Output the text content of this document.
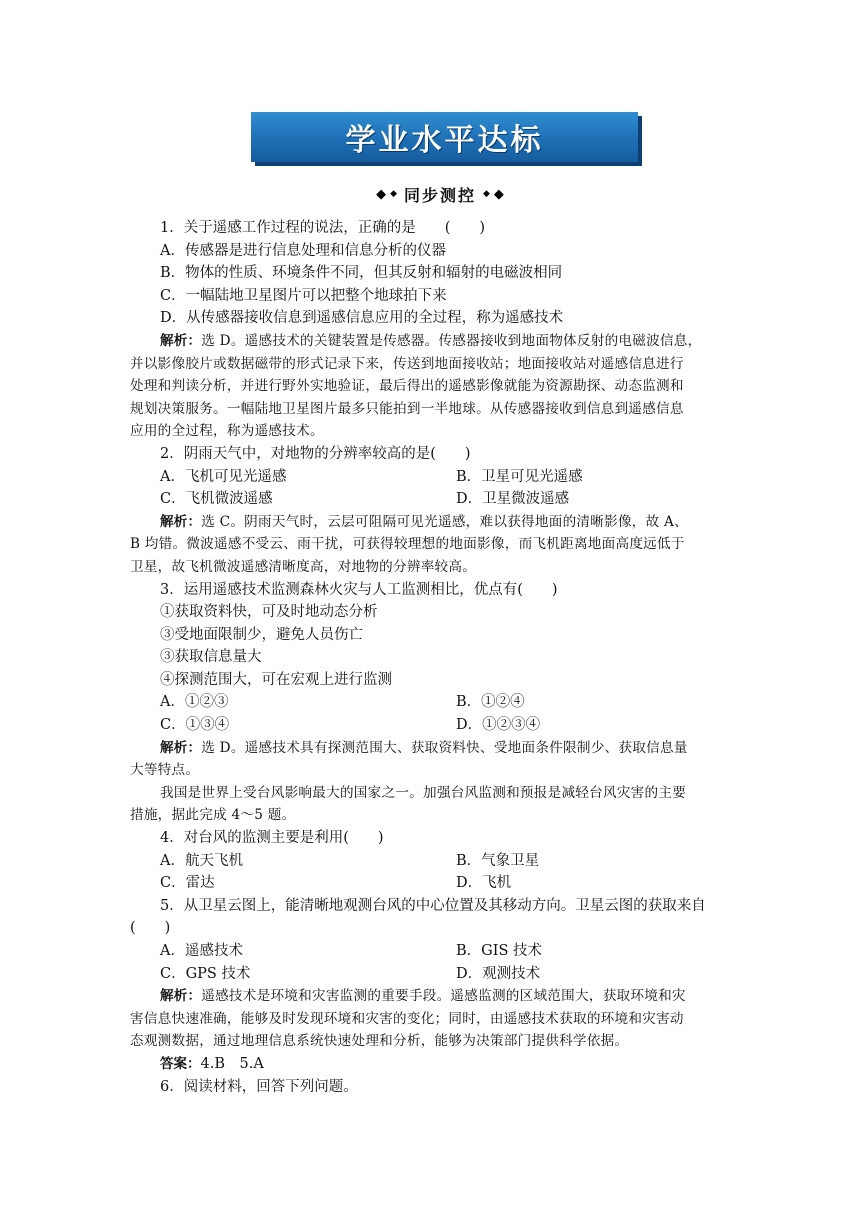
学业水平达标
◆ ◆ 同步测控 ◆ ◆
1．关于遥感工作过程的说法，正确的是　　(　　)
A．传感器是进行信息处理和信息分析的仪器
B．物体的性质、环境条件不同，但其反射和辐射的电磁波相同
C．一幅陆地卫星图片可以把整个地球拍下来
D．从传感器接收信息到遥感信息应用的全过程，称为遥感技术
解析：选 D。遥感技术的关键装置是传感器。传感器接收到地面物体反射的电磁波信息，
并以影像胶片或数据磁带的形式记录下来，传送到地面接收站；地面接收站对遥感信息进行
处理和判读分析，并进行野外实地验证，最后得出的遥感影像就能为资源勘探、动态监测和
规划决策服务。一幅陆地卫星图片最多只能拍到一半地球。从传感器接收到信息到遥感信息
应用的全过程，称为遥感技术。
2．阴雨天气中，对地物的分辨率较高的是(　　)
A．飞机可见光遥感	B．卫星可见光遥感
C．飞机微波遥感	D．卫星微波遥感
解析：选 C。阴雨天气时，云层可阻隔可见光遥感，难以获得地面的清晰影像，故 A、
B 均错。微波遥感不受云、雨干扰，可获得较理想的地面影像，而飞机距离地面高度远低于
卫星，故飞机微波遥感清晰度高，对地物的分辨率较高。
3．运用遥感技术监测森林火灾与人工监测相比，优点有(　　)
①获取资料快，可及时地动态分析
③受地面限制少，避免人员伤亡
③获取信息量大
④探测范围大，可在宏观上进行监测
A．①②③	B．①②④
C．①③④	D．①②③④
解析：选 D。遥感技术具有探测范围大、获取资料快、受地面条件限制少、获取信息量
大等特点。
我国是世界上受台风影响最大的国家之一。加强台风监测和预报是减轻台风灾害的主要
措施，据此完成 4～5 题。
4．对台风的监测主要是利用(　　)
A．航天飞机	B．气象卫星
C．雷达	D．飞机
5．从卫星云图上，能清晰地观测台风的中心位置及其移动方向。卫星云图的获取来自
(　　)
A．遥感技术	B．GIS 技术
C．GPS 技术	D．观测技术
解析：遥感技术是环境和灾害监测的重要手段。遥感监测的区域范围大，获取环境和灾
害信息快速准确，能够及时发现环境和灾害的变化；同时，由遥感技术获取的环境和灾害动
态观测数据，通过地理信息系统快速处理和分析，能够为决策部门提供科学依据。
答案：4.B　5.A
6．阅读材料，回答下列问题。
